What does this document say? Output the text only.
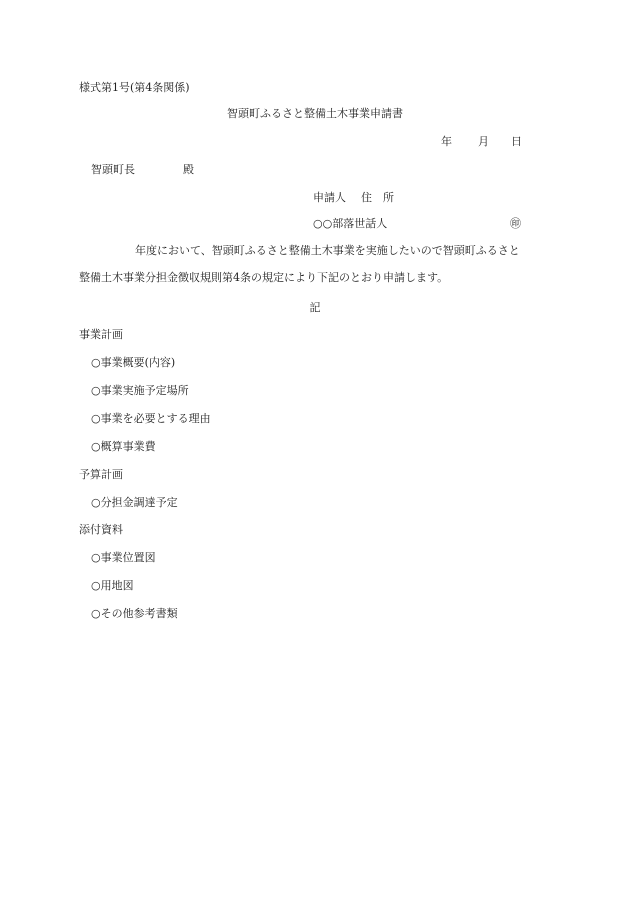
様式第1号(第4条関係)
智頭町ふるさと整備土木事業申請書
年 月 日
智頭町長	殿
申請人 住　所
○○部落世話人	㊞
年度において、智頭町ふるさと整備土木事業を実施したいので智頭町ふるさと
整備土木事業分担金徴収規則第4条の規定により下記のとおり申請します。
記
事業計画
○事業概要(内容)
○事業実施予定場所
○事業を必要とする理由
○概算事業費
予算計画
○分担金調達予定
添付資料
○事業位置図
○用地図
○その他参考書類
